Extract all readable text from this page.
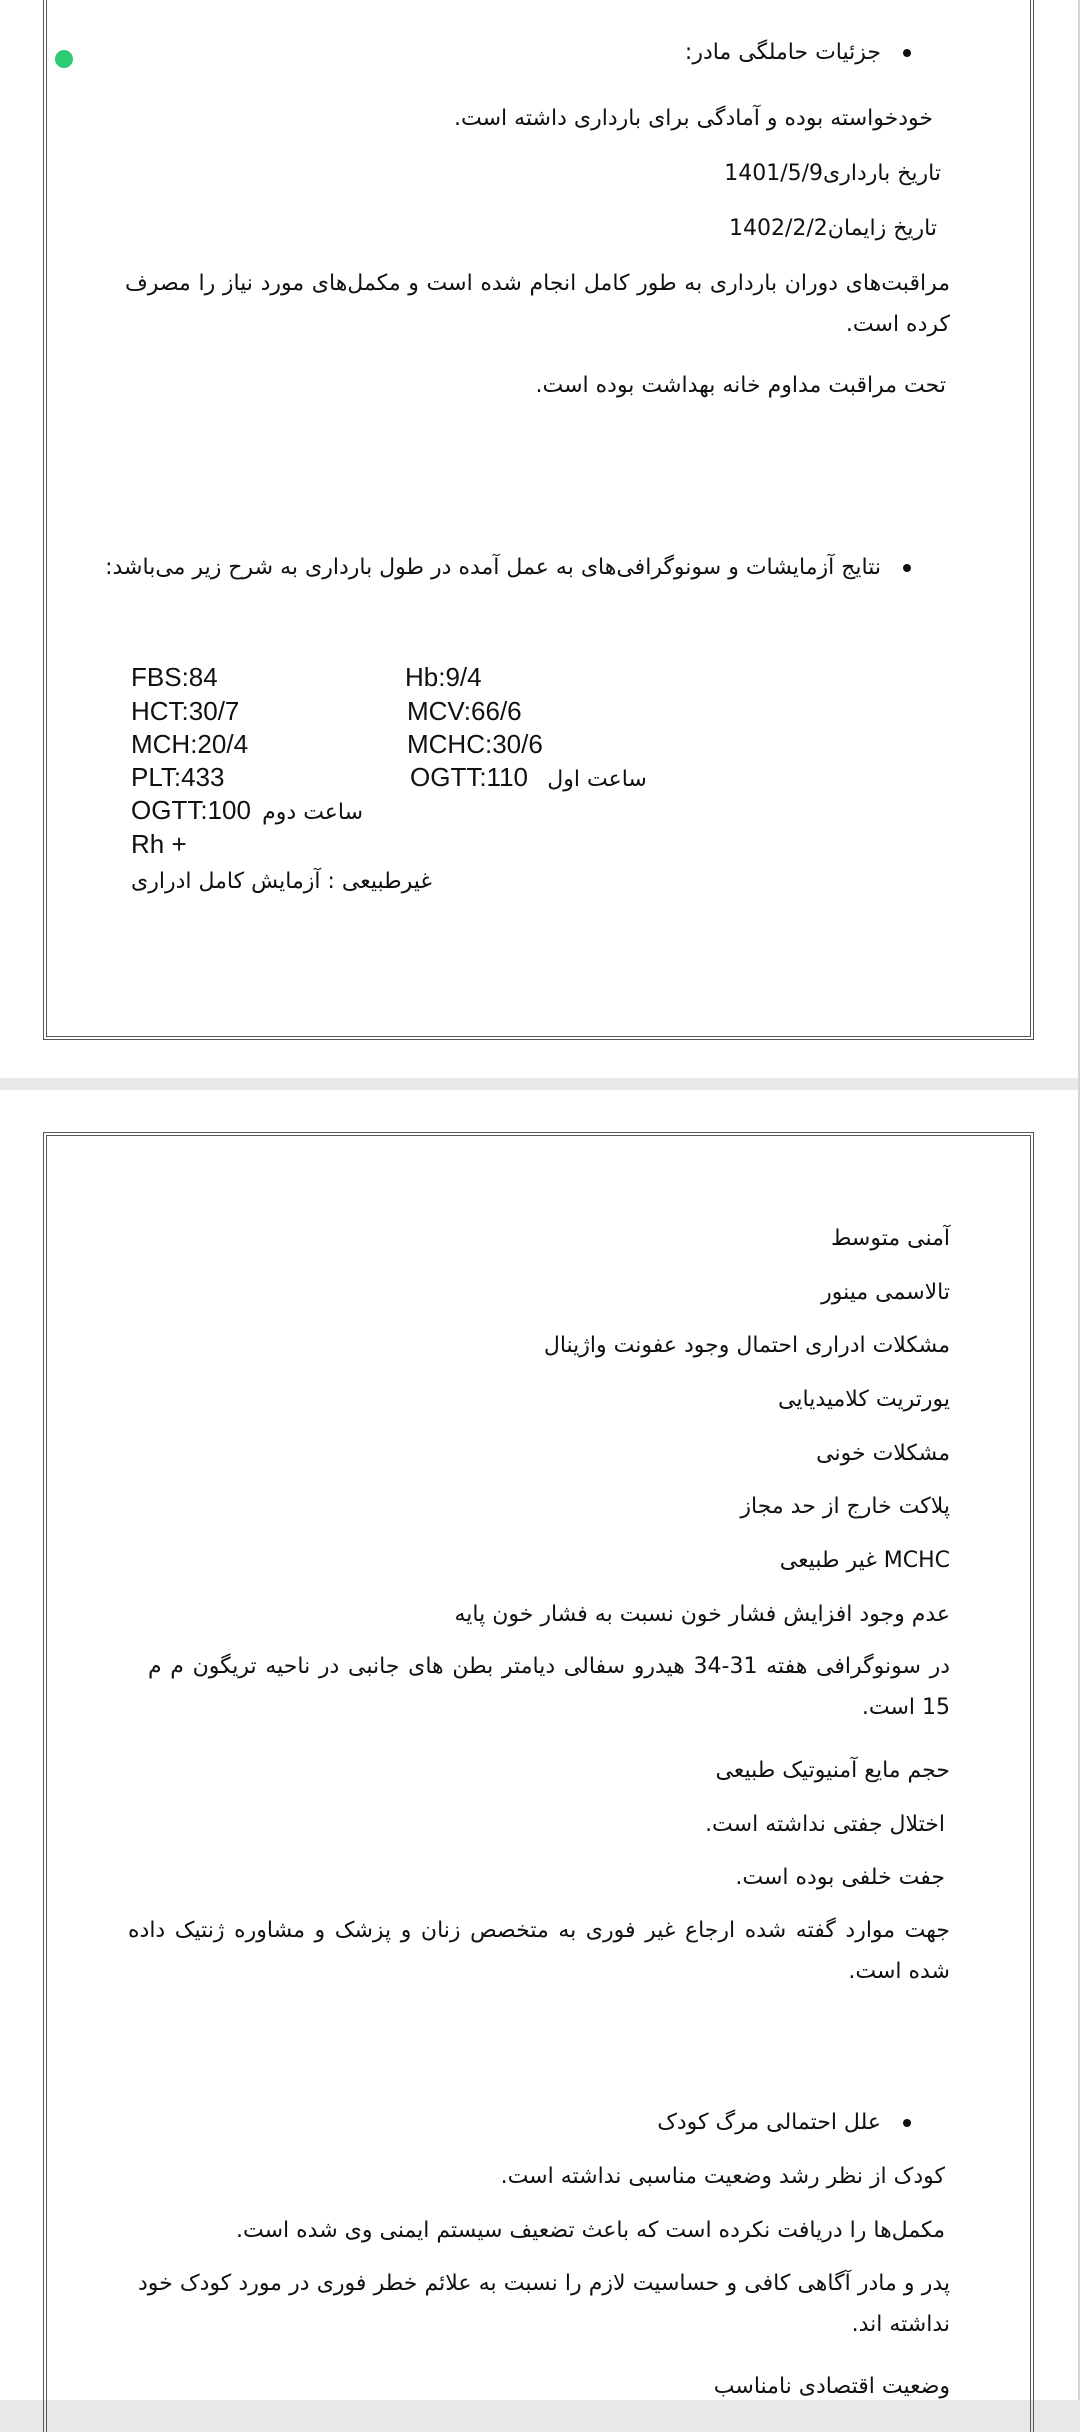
جزئیات حاملگی مادر:
خودخواسته بوده و آمادگی برای بارداری داشته است.
تاریخ بارداری1401/5/9
تاریخ زایمان1402/2/2
مراقبت‌های دوران بارداری به طور کامل انجام شده است و مکمل‌های مورد نیاز را مصرف کرده است.
تحت مراقبت مداوم خانه بهداشت بوده است.
نتایج آزمایشات و سونوگرافی‌های به عمل آمده در طول بارداری به شرح زیر می‌باشد:
FBS:84	Hb:9/4
HCT:30/7	MCV:66/6
MCH:20/4	MCHC:30/6
PLT:433	OGTT:110 ساعت اول
OGTT:100 ساعت دوم
Rh +
غیرطبیعی : آزمایش کامل ادراری
آمنی متوسط
تالاسمی مینور
مشکلات ادراری احتمال وجود عفونت واژینال
یورتریت کلامیدیایی
مشکلات خونی
پلاکت خارج از حد مجاز
MCHC غیر طبیعی
عدم وجود افزایش فشار خون نسبت به فشار خون پایه
در سونوگرافی هفته 31-34 هیدرو سفالی دیامتر بطن های جانبی در ناحیه تریگون م م 15 است.
حجم مایع آمنیوتیک طبیعی
اختلال جفتی نداشته است.
جفت خلفی بوده است.
جهت موارد گفته شده ارجاع غیر فوری به متخصص زنان و پزشک و مشاوره ژنتیک داده شده است.
علل احتمالی مرگ کودک
کودک از نظر رشد وضعیت مناسبی نداشته است.
مکمل‌ها را دریافت نکرده است که باعث تضعیف سیستم ایمنی وی شده است.
پدر و مادر آگاهی کافی و حساسیت لازم را نسبت به علائم خطر فوری در مورد کودک خود نداشته اند.
وضعیت اقتصادی نامناسب
